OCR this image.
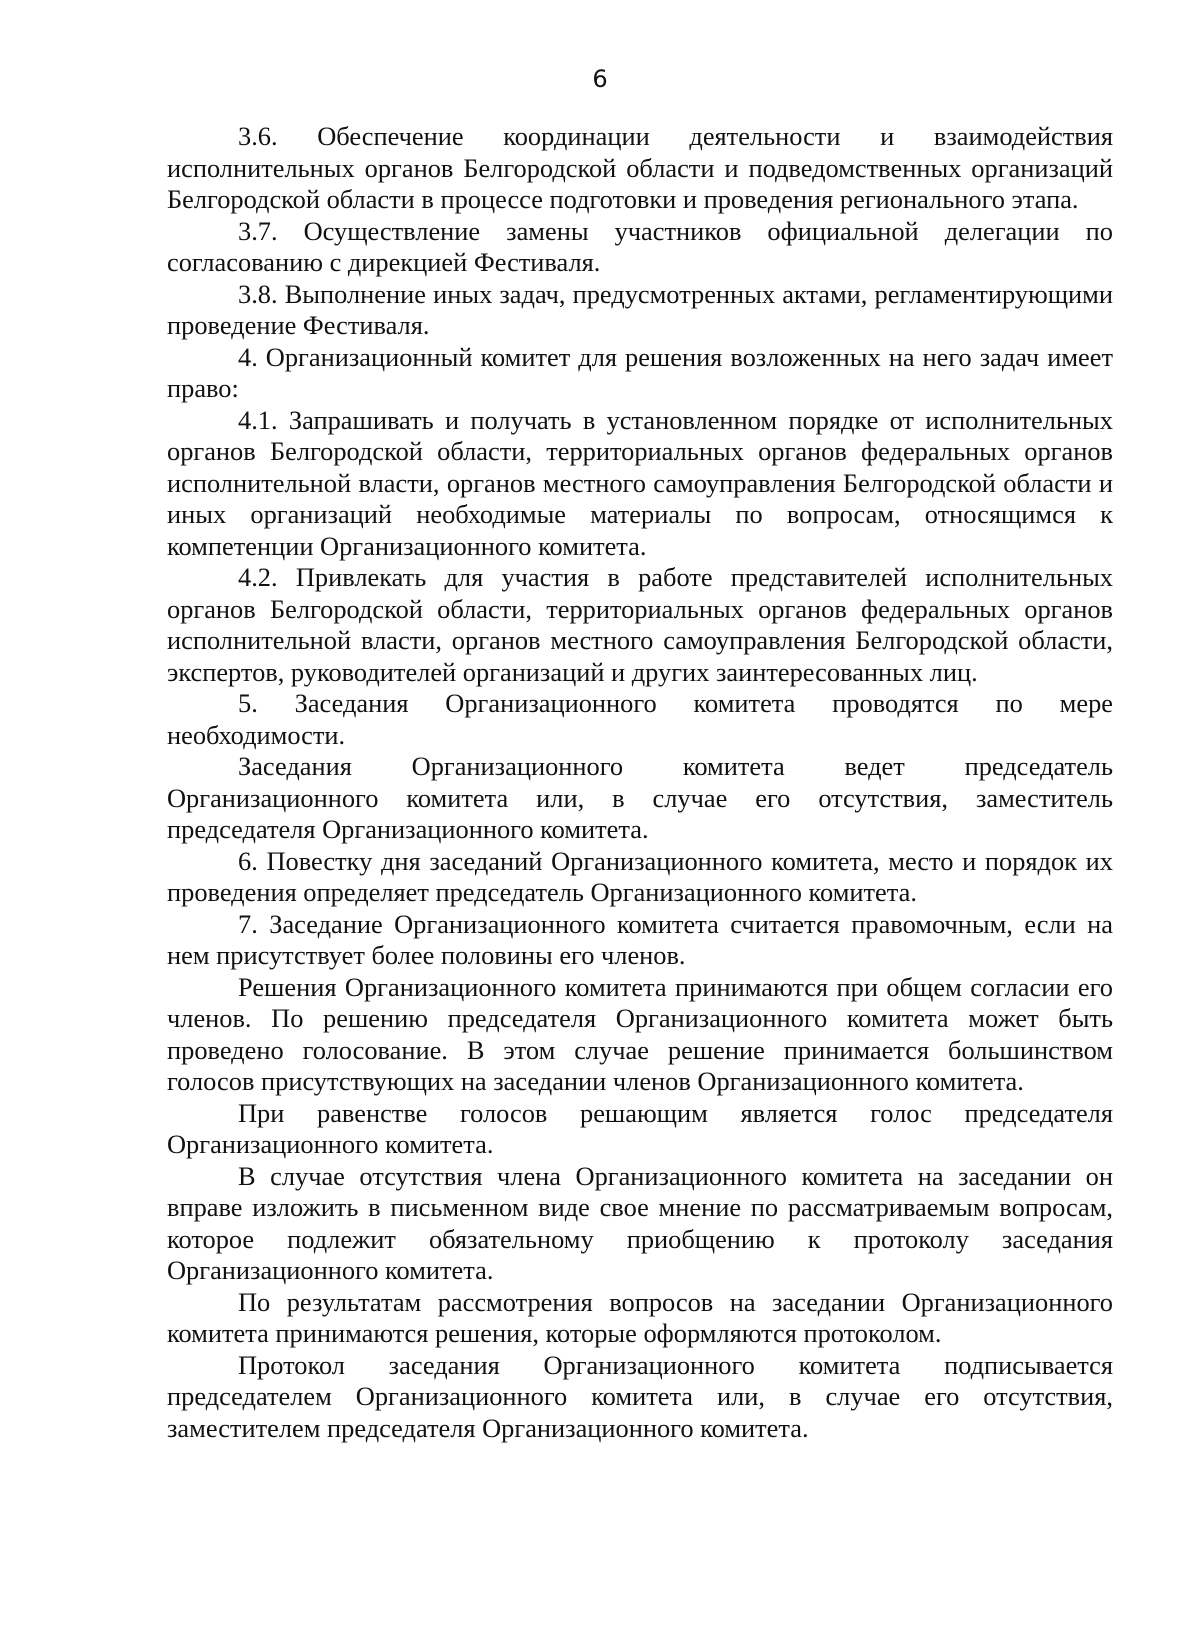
6

3.6. Обеспечение координации деятельности и взаимодействия исполнительных органов Белгородской области и подведомственных организаций Белгородской области в процессе подготовки и проведения регионального этапа.

3.7. Осуществление замены участников официальной делегации по согласованию с дирекцией Фестиваля.

3.8. Выполнение иных задач, предусмотренных актами, регламентирующими проведение Фестиваля.

4. Организационный комитет для решения возложенных на него задач имеет право:

4.1. Запрашивать и получать в установленном порядке от исполнительных органов Белгородской области, территориальных органов федеральных органов исполнительной власти, органов местного самоуправления Белгородской области и иных организаций необходимые материалы по вопросам, относящимся к компетенции Организационного комитета.

4.2. Привлекать для участия в работе представителей исполнительных органов Белгородской области, территориальных органов федеральных органов исполнительной власти, органов местного самоуправления Белгородской области, экспертов, руководителей организаций и других заинтересованных лиц.

5. Заседания Организационного комитета проводятся по мере необходимости.

Заседания Организационного комитета ведет председатель Организационного комитета или, в случае его отсутствия, заместитель председателя Организационного комитета.

6. Повестку дня заседаний Организационного комитета, место и порядок их проведения определяет председатель Организационного комитета.

7. Заседание Организационного комитета считается правомочным, если на нем присутствует более половины его членов.

Решения Организационного комитета принимаются при общем согласии его членов. По решению председателя Организационного комитета может быть проведено голосование. В этом случае решение принимается большинством голосов присутствующих на заседании членов Организационного комитета.

При равенстве голосов решающим является голос председателя Организационного комитета.

В случае отсутствия члена Организационного комитета на заседании он вправе изложить в письменном виде свое мнение по рассматриваемым вопросам, которое подлежит обязательному приобщению к протоколу заседания Организационного комитета.

По результатам рассмотрения вопросов на заседании Организационного комитета принимаются решения, которые оформляются протоколом.

Протокол заседания Организационного комитета подписывается председателем Организационного комитета или, в случае его отсутствия, заместителем председателя Организационного комитета.
